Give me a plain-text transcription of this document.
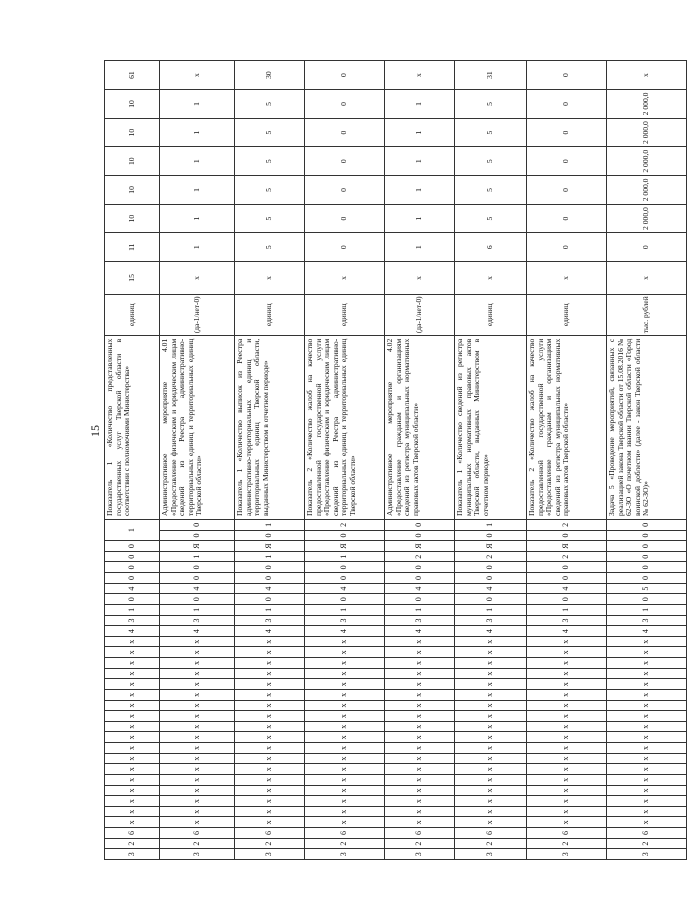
15
3	2	6	x	x	x	x	x	x	x	x	x	x	x	x	x	x	x	x	x	x	4	3	1	0	4	0	0	0	0	1		Показатель 1 «Количество представленных государственных услуг Тверской области в соответствии с полномочиями Министерства»	единиц	15	11	10	10	10	10	10	61
3	2	6	x	x	x	x	x	x	x	x	x	x	x	x	x	x	x	x	x	x	4	3	1	0	4	0	0	1	Я	0	0	Административное мероприятие 4.01 «Предоставление физическим и юридическим лицам сведений из Реестра административно-территориальных единиц и территориальных единиц Тверской области»	(да-1/нет-0)	x	1	1	1	1	1	1	x
3	2	6	x	x	x	x	x	x	x	x	x	x	x	x	x	x	x	x	x	x	4	3	1	0	4	0	0	1	Я	0	1	Показатель 1 «Количество выписок из Реестра административно-территориальных единиц и территориальных единиц Тверской области, выданных Министерством в отчетном периоде»	единиц	x	5	5	5	5	5	5	30
3	2	6	x	x	x	x	x	x	x	x	x	x	x	x	x	x	x	x	x	x	4	3	1	0	4	0	0	1	Я	0	2	Показатель 2 «Количество жалоб на качество предоставленной государственной услуги «Предоставление физическим и юридическим лицам сведений из Реестра административно-территориальных единиц и территориальных единиц Тверской области»	единиц	x	0	0	0	0	0	0	0
3	2	6	x	x	x	x	x	x	x	x	x	x	x	x	x	x	x	x	x	x	4	3	1	0	4	0	0	2	Я	0	0	Административное мероприятие 4.02 «Предоставление гражданам и организациям сведений из регистра муниципальных нормативных правовых актов Тверской области»	(да-1/нет-0)	x	1	1	1	1	1	1	x
3	2	6	x	x	x	x	x	x	x	x	x	x	x	x	x	x	x	x	x	x	4	3	1	0	4	0	0	2	Я	0	1	Показатель 1 «Количество сведений из регистра муниципальных нормативных правовых актов Тверской области, выданных Министерством в отчетном периоде»	единиц	x	6	5	5	5	5	5	31
3	2	6	x	x	x	x	x	x	x	x	x	x	x	x	x	x	x	x	x	x	4	3	1	0	4	0	0	2	Я	0	2	Показатель 2 «Количество жалоб на качество предоставленной государственной услуги «Предоставление гражданам и организациям сведений из регистра муниципальных нормативных правовых актов Тверской области»	единиц	x	0	0	0	0	0	0	0
3	2	6	x	x	x	x	x	x	x	x	x	x	x	x	x	x	x	x	x	x	4	3	1	0	5	0	0	0	0	0	0	Задача 5 «Проведение мероприятий, связанных с реализацией закона Тверской области от 15.08.2016 № 62-ЗО «О почетном звании Тверской области «Город воинской доблести» (далее - закон Тверской области № 62-ЗО)»	тыс. рублей	x	0	2 000,0	2 000,0	2 000,0	2 000,0	2 000,0	x
